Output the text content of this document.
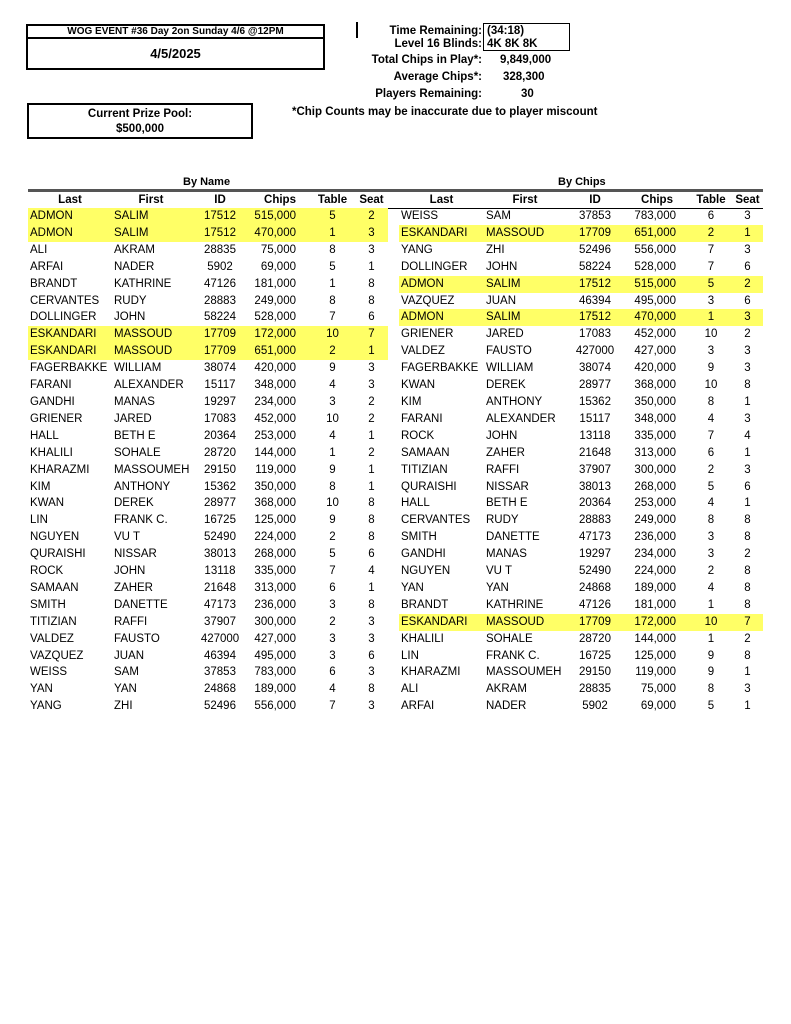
WOG EVENT #36 Day 2on Sunday 4/6 @12PM
4/5/2025
Current Prize Pool:
$500,000
Time Remaining: (34:18)
Level 16 Blinds: 4K 8K 8K
Total Chips in Play*: 9,849,000
Average Chips*: 328,300
Players Remaining:	30
*Chip Counts may be inaccurate due to player miscount
By Name	By Chips
Last	First	ID	Chips	Table	Seat
ADMON	SALIM	17512	515,000	5	2
ADMON	SALIM	17512	470,000	1	3
ALI	AKRAM	28835	75,000	8	3
ARFAI	NADER	5902	69,000	5	1
BRANDT	KATHRINE	47126	181,000	1	8
CERVANTES	RUDY	28883	249,000	8	8
DOLLINGER	JOHN	58224	528,000	7	6
ESKANDARI	MASSOUD	17709	172,000	10	7
ESKANDARI	MASSOUD	17709	651,000	2	1
FAGERBAKKE	WILLIAM	38074	420,000	9	3
FARANI	ALEXANDER	15117	348,000	4	3
GANDHI	MANAS	19297	234,000	3	2
GRIENER	JARED	17083	452,000	10	2
HALL	BETH E	20364	253,000	4	1
KHALILI	SOHALE	28720	144,000	1	2
KHARAZMI	MASSOUMEH	29150	119,000	9	1
KIM	ANTHONY	15362	350,000	8	1
KWAN	DEREK	28977	368,000	10	8
LIN	FRANK C.	16725	125,000	9	8
NGUYEN	VU T	52490	224,000	2	8
QURAISHI	NISSAR	38013	268,000	5	6
ROCK	JOHN	13118	335,000	7	4
SAMAAN	ZAHER	21648	313,000	6	1
SMITH	DANETTE	47173	236,000	3	8
TITIZIAN	RAFFI	37907	300,000	2	3
VALDEZ	FAUSTO	427000	427,000	3	3
VAZQUEZ	JUAN	46394	495,000	3	6
WEISS	SAM	37853	783,000	6	3
YAN	YAN	24868	189,000	4	8
YANG	ZHI	52496	556,000	7	3
Last	First	ID	Chips	Table	Seat
WEISS	SAM	37853	783,000	6	3
ESKANDARI	MASSOUD	17709	651,000	2	1
YANG	ZHI	52496	556,000	7	3
DOLLINGER	JOHN	58224	528,000	7	6
ADMON	SALIM	17512	515,000	5	2
VAZQUEZ	JUAN	46394	495,000	3	6
ADMON	SALIM	17512	470,000	1	3
GRIENER	JARED	17083	452,000	10	2
VALDEZ	FAUSTO	427000	427,000	3	3
FAGERBAKKE	WILLIAM	38074	420,000	9	3
KWAN	DEREK	28977	368,000	10	8
KIM	ANTHONY	15362	350,000	8	1
FARANI	ALEXANDER	15117	348,000	4	3
ROCK	JOHN	13118	335,000	7	4
SAMAAN	ZAHER	21648	313,000	6	1
TITIZIAN	RAFFI	37907	300,000	2	3
QURAISHI	NISSAR	38013	268,000	5	6
HALL	BETH E	20364	253,000	4	1
CERVANTES	RUDY	28883	249,000	8	8
SMITH	DANETTE	47173	236,000	3	8
GANDHI	MANAS	19297	234,000	3	2
NGUYEN	VU T	52490	224,000	2	8
YAN	YAN	24868	189,000	4	8
BRANDT	KATHRINE	47126	181,000	1	8
ESKANDARI	MASSOUD	17709	172,000	10	7
KHALILI	SOHALE	28720	144,000	1	2
LIN	FRANK C.	16725	125,000	9	8
KHARAZMI	MASSOUMEH	29150	119,000	9	1
ALI	AKRAM	28835	75,000	8	3
ARFAI	NADER	5902	69,000	5	1
